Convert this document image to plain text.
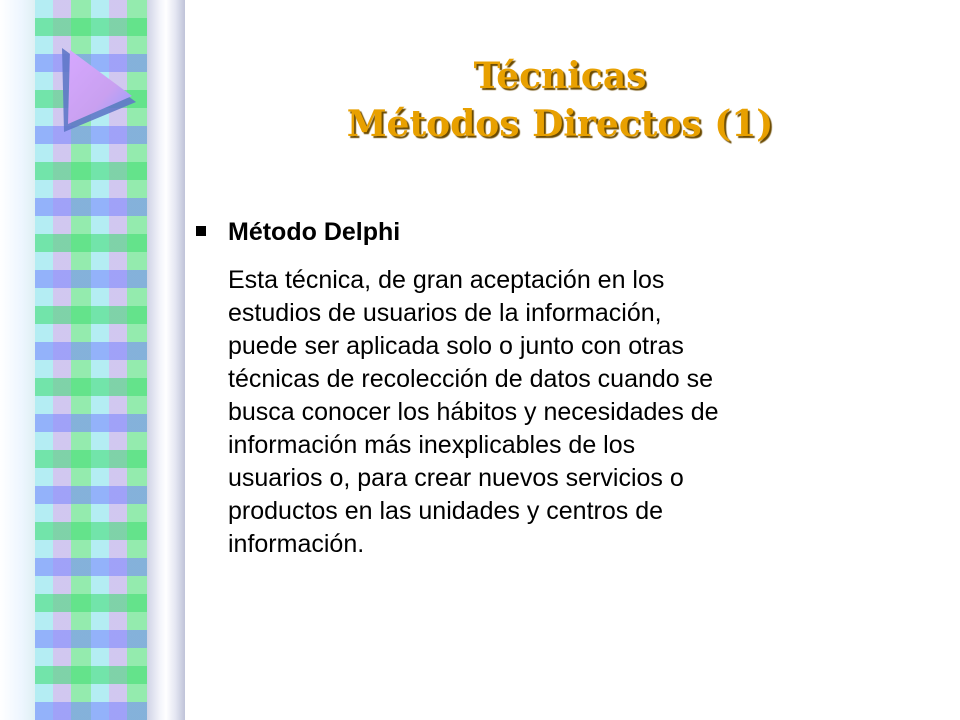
Técnicas
Métodos Directos (1)
Método Delphi
Esta técnica, de gran aceptación en los
estudios de usuarios de la información,
puede ser aplicada solo o junto con otras
técnicas de recolección de datos cuando se
busca conocer los hábitos y necesidades de
información más inexplicables de los
usuarios o, para crear nuevos servicios o
productos en las unidades y centros de
información.
